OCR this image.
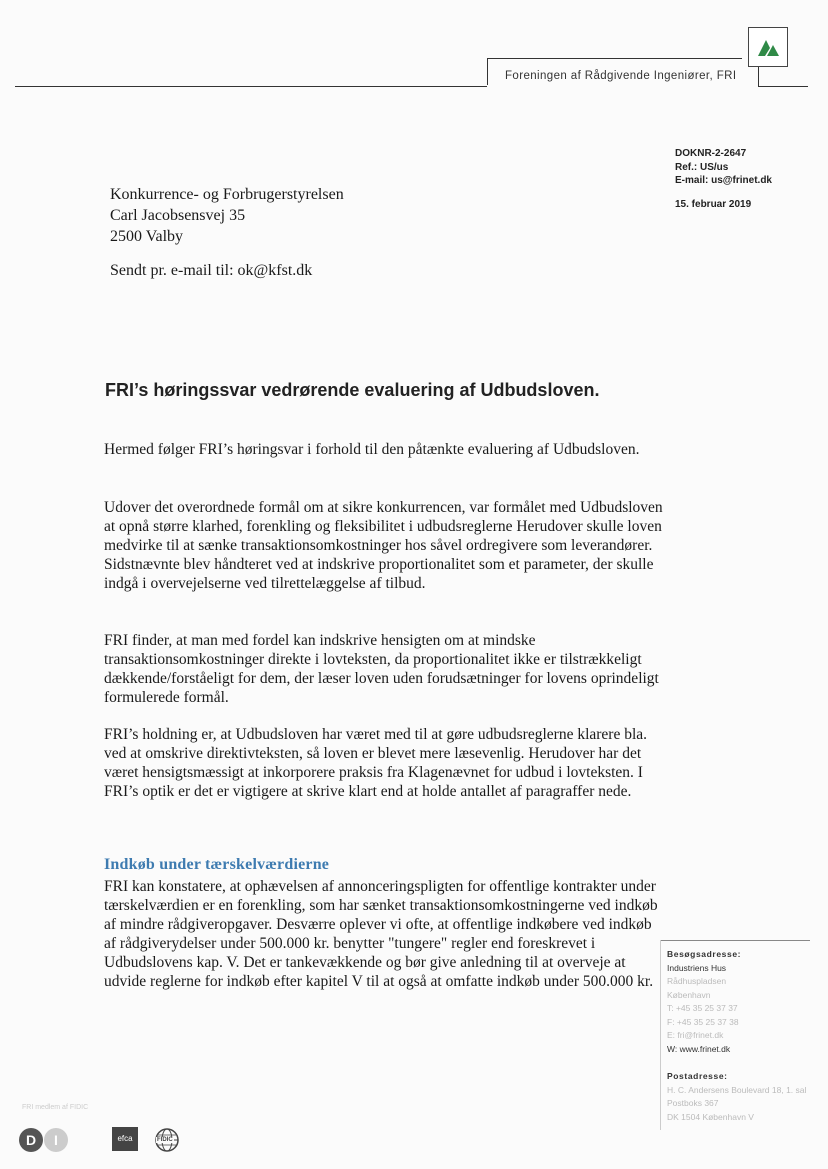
Foreningen af Rådgivende Ingeniører, FRI
DOKNR-2-2647
Ref.: US/us
E-mail: us@frinet.dk
15. februar 2019
Konkurrence- og Forbrugerstyrelsen
Carl Jacobsensvej 35
2500 Valby
Sendt pr. e-mail til: ok@kfst.dk
FRI’s høringssvar vedrørende evaluering af Udbudsloven.

Hermed følger FRI’s høringsvar i forhold til den påtænkte evaluering af Udbudsloven.

Udover det overordnede formål om at sikre konkurrencen, var formålet med Udbudsloven at opnå større klarhed, forenkling og fleksibilitet i udbudsreglerne Herudover skulle loven medvirke til at sænke transaktionsomkostninger hos såvel ordregivere som leverandører. Sidstnævnte blev håndteret ved at indskrive proportionalitet som et parameter, der skulle indgå i overvejelserne ved tilrettelæggelse af tilbud.

FRI finder, at man med fordel kan indskrive hensigten om at mindske transaktionsomkostninger direkte i lovteksten, da proportionalitet ikke er tilstrækkeligt dækkende/forståeligt for dem, der læser loven uden forudsætninger for lovens oprindeligt formulerede formål.

FRI’s holdning er, at Udbudsloven har været med til at gøre udbudsreglerne klarere bla. ved at omskrive direktivteksten, så loven er blevet mere læsevenlig. Herudover har det været hensigtsmæssigt at inkorporere praksis fra Klagenævnet for udbud i lovteksten. I FRI’s optik er det er vigtigere at skrive klart end at holde antallet af paragraffer nede.

Indkøb under tærskelværdierne

FRI kan konstatere, at ophævelsen af annonceringspligten for offentlige kontrakter under tærskelværdien er en forenkling, som har sænket transaktionsomkostningerne ved indkøb af mindre rådgiveropgaver. Desværre oplever vi ofte, at offentlige indkøbere ved indkøb af rådgiverydelser under 500.000 kr. benytter "tungere" regler end foreskrevet i Udbudslovens kap. V. Det er tankevækkende og bør give anledning til at overveje at udvide reglerne for indkøb efter kapitel V til at også at omfatte indkøb under 500.000 kr.

Besøgsadresse:
Industriens Hus
Rådhuspladsen
København
T: +45 35 25 37 37
F: +45 35 25 37 38
E: fri@frinet.dk
W: www.frinet.dk
Postadresse:
H. C. Andersens Boulevard 18, 1. sal
Postboks 367
DK 1504 København V
FRI medlem af FIDIC
D I	efca	FIDIC
